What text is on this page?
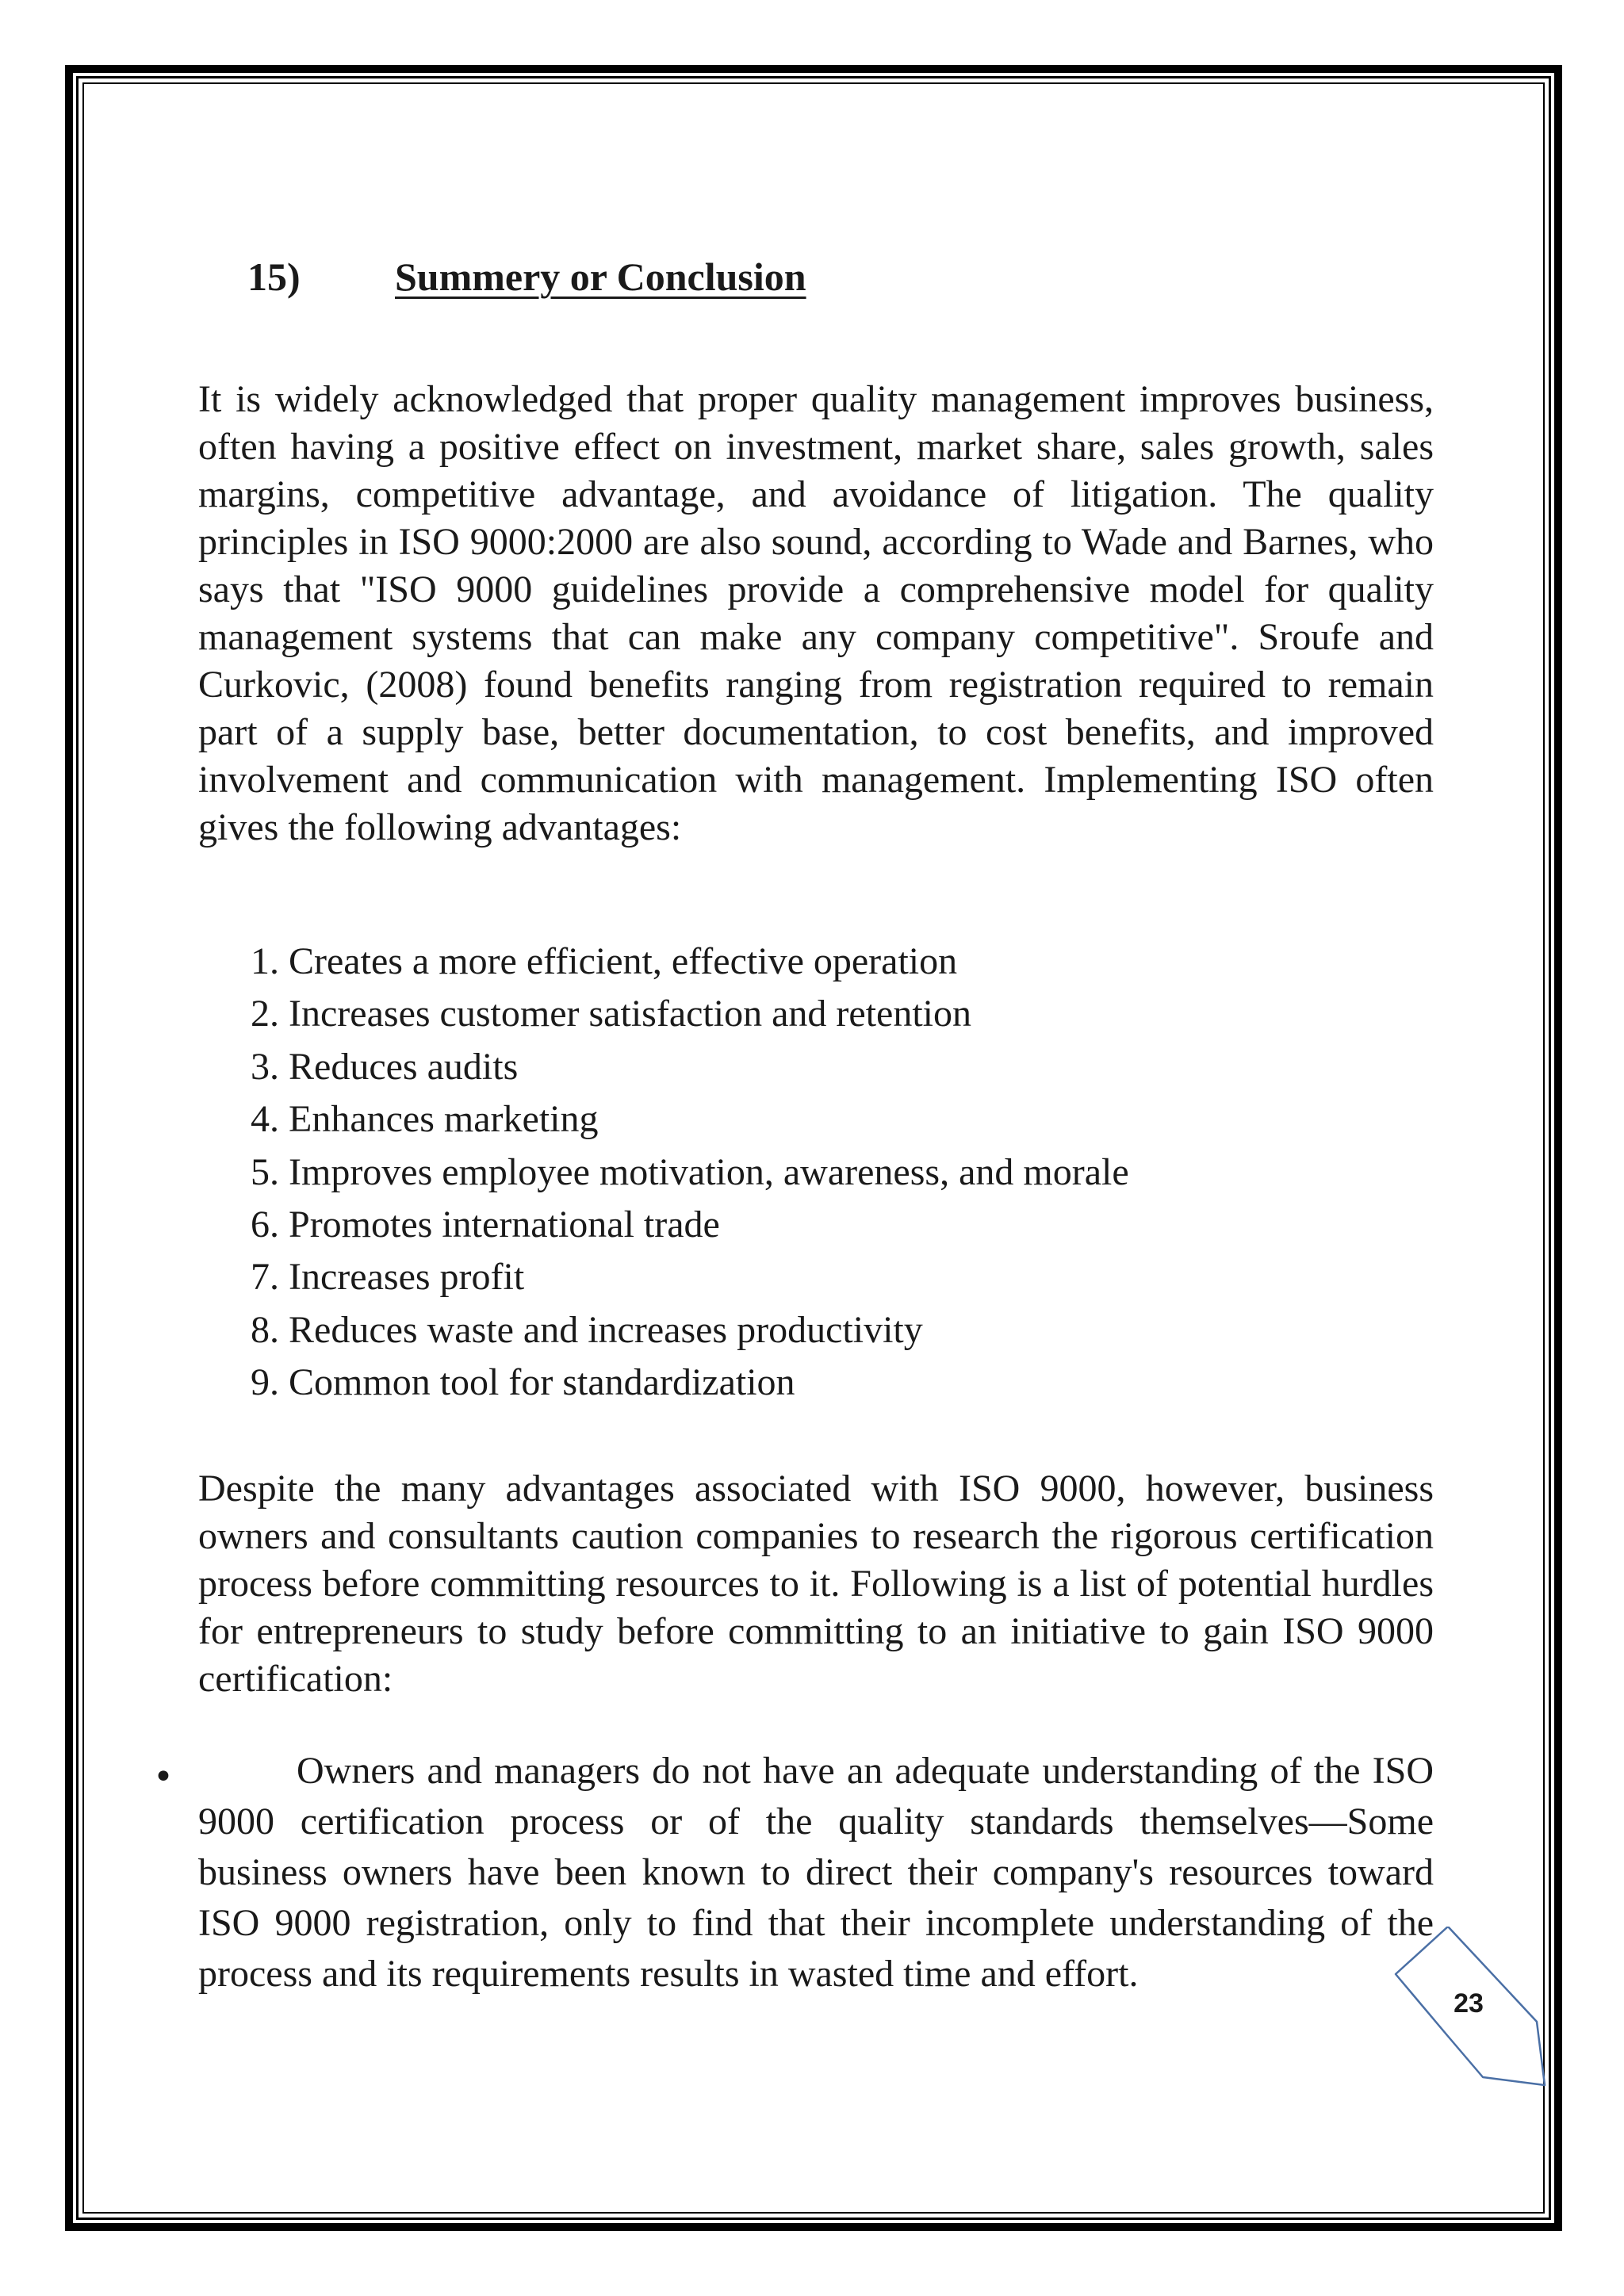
15) Summery or Conclusion
It is widely acknowledged that proper quality management improves business, often having a positive effect on investment, market share, sales growth, sales margins, competitive advantage, and avoidance of litigation. The quality principles in ISO 9000:2000 are also sound, according to Wade and Barnes, who says that "ISO 9000 guidelines provide a comprehensive model for quality management systems that can make any company competitive". Sroufe and Curkovic, (2008) found benefits ranging from registration required to remain part of a supply base, better documentation, to cost benefits, and improved involvement and communication with management. Implementing ISO often gives the following advantages:
1. Creates a more efficient, effective operation
2. Increases customer satisfaction and retention
3. Reduces audits
4. Enhances marketing
5. Improves employee motivation, awareness, and morale
6. Promotes international trade
7. Increases profit
8. Reduces waste and increases productivity
9. Common tool for standardization
Despite the many advantages associated with ISO 9000, however, business owners and consultants caution companies to research the rigorous certification process before committing resources to it. Following is a list of potential hurdles for entrepreneurs to study before committing to an initiative to gain ISO 9000 certification:
•	Owners and managers do not have an adequate understanding of the ISO 9000 certification process or of the quality standards themselves—Some business owners have been known to direct their company's resources toward ISO 9000 registration, only to find that their incomplete understanding of the process and its requirements results in wasted time and effort.
23
